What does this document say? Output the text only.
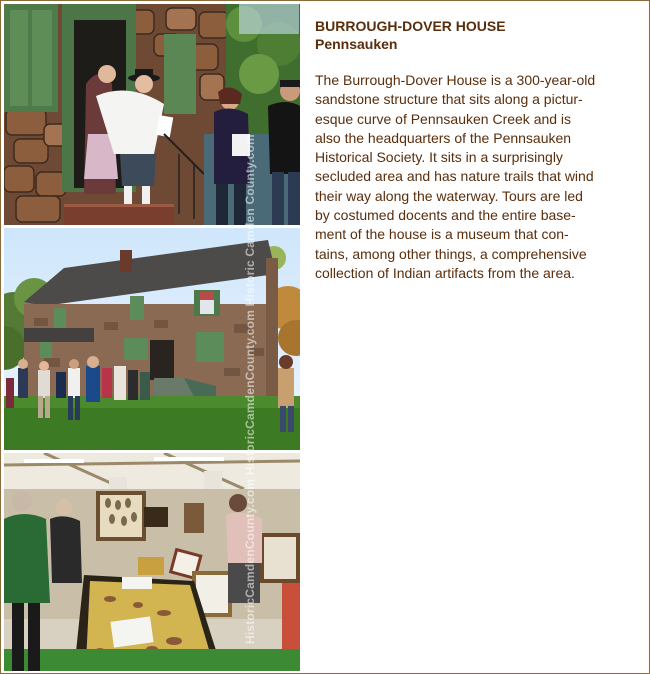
HistoricCamdenCounty.com HistoricCamdenCounty.com Historic Camden County.com
BURROUGH-DOVER HOUSE
Pennsauken

The Burrough-Dover House is a 300-year-old
sandstone structure that sits along a pictur-
esque curve of Pennsauken Creek and is
also the headquarters of the Pennsauken
Historical Society. It sits in a surprisingly
secluded area and has nature trails that wind
their way along the waterway. Tours are led
by costumed docents and the entire base-
ment of the house is a museum that con-
tains, among other things, a comprehensive
collection of Indian artifacts from the area.
